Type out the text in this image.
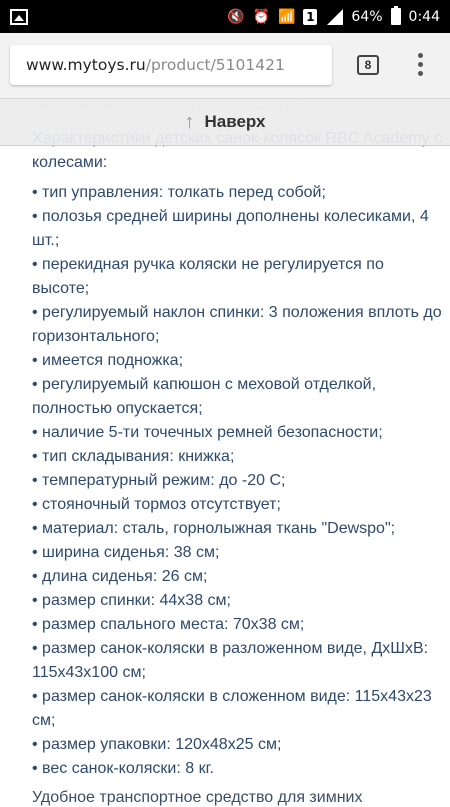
🔇 ⏰ 📶 1	64% 0:44
www.mytoys.ru /product/5101421	8
↑ Наверх
колесами:
• тип управления: толкать перед собой;
• полозья средней ширины дополнены колесиками, 4 шт.;
• перекидная ручка коляски не регулируется по высоте;
• регулируемый наклон спинки: 3 положения вплоть до горизонтального;
• имеется подножка;
• регулируемый капюшон с меховой отделкой, полностью опускается;
• наличие 5-ти точечных ремней безопасности;
• тип складывания: книжка;
• температурный режим: до -20 С;
• стояночный тормоз отсутствует;
• материал: сталь, горнолыжная ткань "Dewspo";
• ширина сиденья: 38 см;
• длина сиденья: 26 см;
• размер спинки: 44x38 см;
• размер спального места: 70x38 см;
• размер санок-коляски в разложенном виде, ДхШхВ: 115x43x100 см;
• размер санок-коляски в сложенном виде: 115x43x23 см;
• размер упаковки: 120x48x25 см;
• вес санок-коляски: 8 кг.
Удобное транспортное средство для зимних
